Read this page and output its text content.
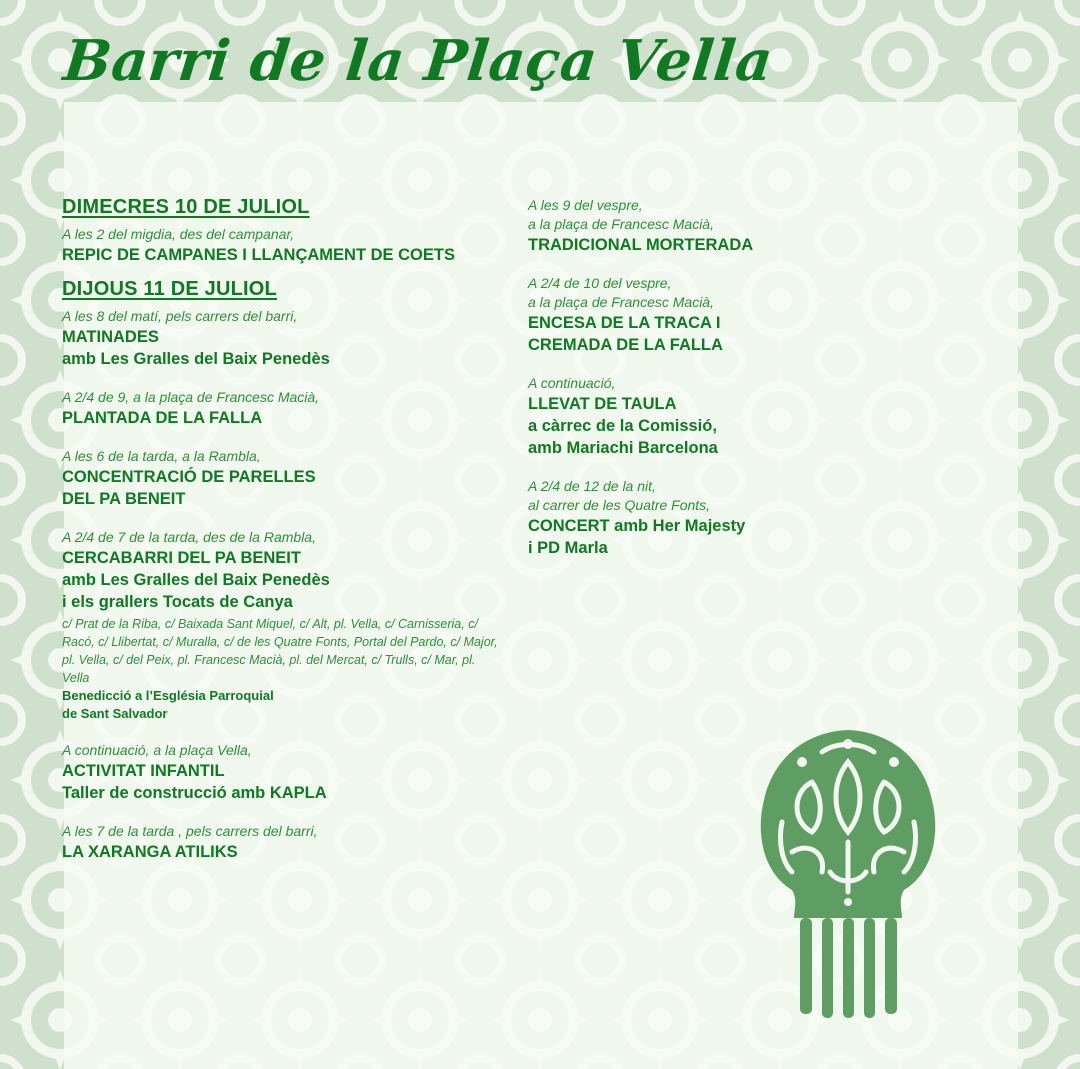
Barri de la Plaça Vella
DIMECRES 10 DE JULIOL
A les 2 del migdia, des del campanar,
REPIC DE CAMPANES I LLANÇAMENT DE COETS
DIJOUS 11 DE JULIOL
A les 8 del matí, pels carrers del barri,
MATINADES
amb Les Gralles del Baix Penedès
A 2/4 de 9, a la plaça de Francesc Macià,
PLANTADA DE LA FALLA
A les 6 de la tarda, a la Rambla,
CONCENTRACIÓ DE PARELLES
DEL PA BENEIT
A 2/4 de 7 de la tarda, des de la Rambla,
CERCABARRI DEL PA BENEIT
amb Les Gralles del Baix Penedès
i els grallers Tocats de Canya
c/ Prat de la Riba, c/ Baixada Sant Miquel, c/ Alt, pl. Vella, c/ Carnisseria, c/ Racó, c/ Llibertat, c/ Muralla, c/ de les Quatre Fonts, Portal del Pardo, c/ Major, pl. Vella, c/ del Peix, pl. Francesc Macià, pl. del Mercat, c/ Trulls, c/ Mar, pl. Vella
Benedicció a l’Església Parroquial
de Sant Salvador
A continuació, a la plaça Vella,
ACTIVITAT INFANTIL
Taller de construcció amb KAPLA
A les 7 de la tarda , pels carrers del barri,
LA XARANGA ATILIKS
A les 9 del vespre,
a la plaça de Francesc Macià,
TRADICIONAL MORTERADA
A 2/4 de 10 del vespre,
a la plaça de Francesc Macià,
ENCESA DE LA TRACA I
CREMADA DE LA FALLA
A continuació,
LLEVAT DE TAULA
a càrrec de la Comissió,
amb Mariachi Barcelona
A 2/4 de 12 de la nit,
al carrer de les Quatre Fonts,
CONCERT amb Her Majesty
i PD Marla
